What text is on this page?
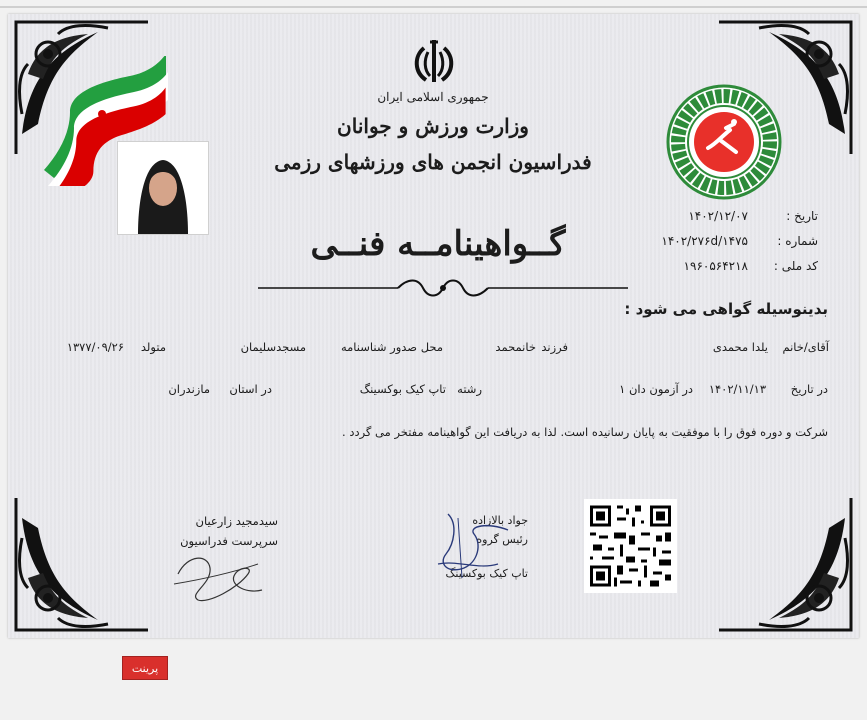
جمهوری اسلامی ایران
وزارت ورزش و جوانان
فدراسیون انجمن های ورزشهای رزمی
تاریخ :
۱۴۰۲/۱۲/۰۷
شماره :
۱۴۰۲/۲۷۶d/۱۴۷۵
کد ملی :
۱۹۶۰۵۶۴۲۱۸
گــواهینامــه فنــی
بدینوسیله گواهی می شود :
آقای/خانم
یلدا محمدی
فرزند
خانمحمد
محل صدور شناسنامه
مسجدسلیمان
متولد
۱۳۷۷/۰۹/۲۶
در تاریخ
۱۴۰۲/۱۱/۱۳
در آزمون دان ۱
رشته
تاپ کیک بوکسینگ
در استان
مازندران
شرکت و دوره فوق را با موفقیت به پایان رسانیده است. لذا به دریافت این گواهینامه مفتخر می گردد .
سیدمجید زارعیان
سرپرست فدراسیون
جواد بالازاده
رئیس گروه
تاپ کیک بوکسینگ
پرینت
